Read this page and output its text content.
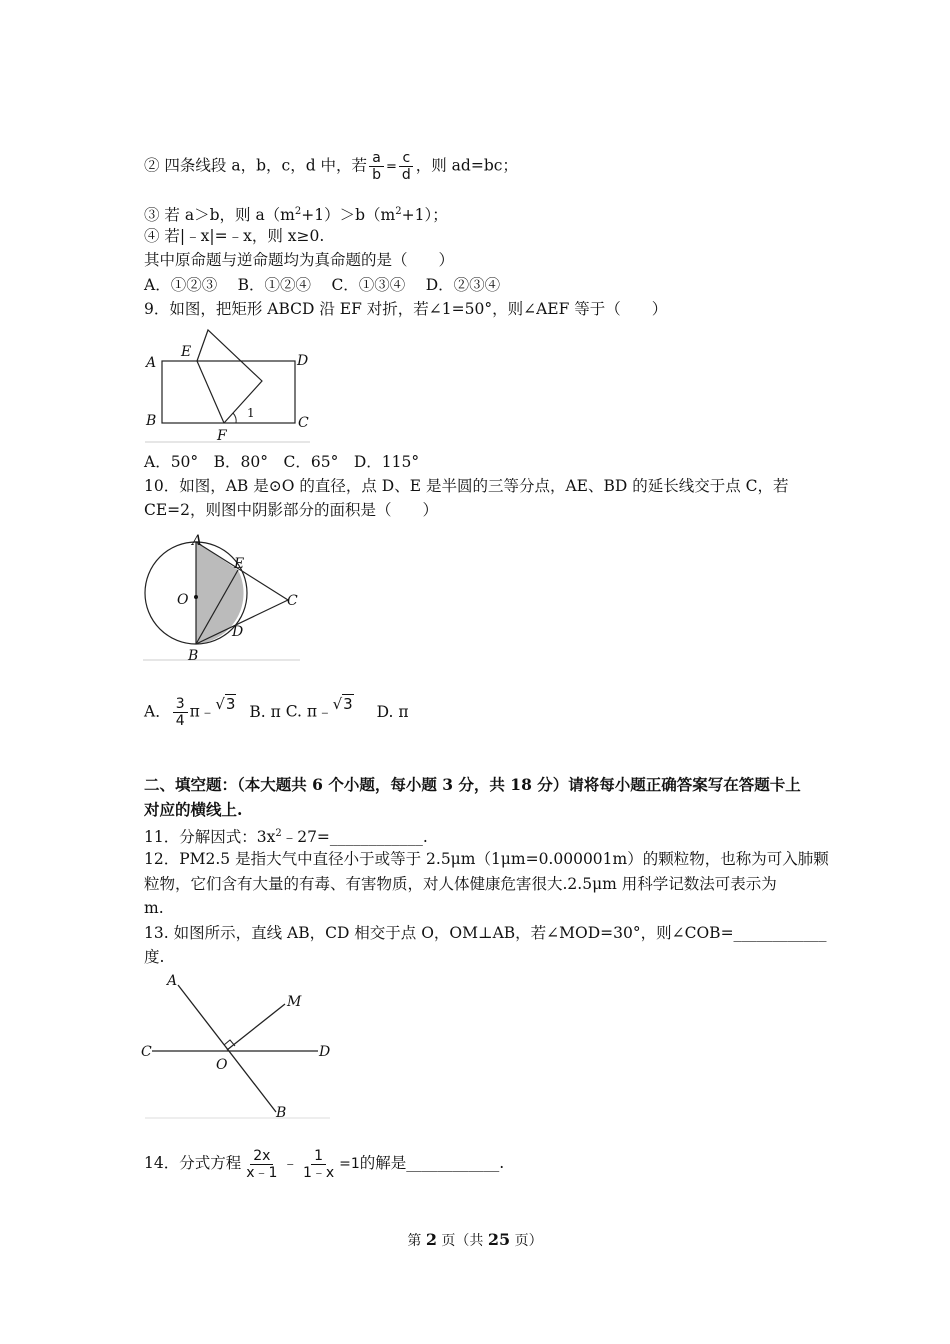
② 四条线段 a，b，c，d 中，若 $\frac{a}{b} = \frac{c}{d}$ ，则 ad=bc；
③ 若 a＞b，则 $a(m^2+1)>b(m^2+1)$；
④ 若|﹣x|=﹣x，则 x≥0.
其中原命题与逆命题均为真命题的是（　　）
A．①②③　 B．①②④　 C．①③④　 D．②③④
9．如图，把矩形 ABCD 沿 EF 对折，若∠1=50°，则∠AEF 等于（　　）
A
B	C
D
E
F
1
A．50°　B．80°　C．65°　D．115°
10．如图，AB 是⊙O 的直径，点 D、E 是半圆的三等分点，AE、BD 的延长线交于点 C，若
CE=2，则图中阴影部分的面积是（　　）
A
B
C
D
E
O
A． $\frac{3}{4}$ π﹣√3 B. π C. π﹣√3 D. π
二、填空题：（本大题共 6 个小题，每小题 3 分，共 18 分）请将每小题正确答案写在答题卡上
对应的横线上.
11．分解因式：$3x^2﹣27=\_\_\_\_\_\_\_\_\_\_\_\_$.
12．PM2.5 是指大气中直径小于或等于 2.5μm（1μm=0.000001m）的颗粒物，也称为可入肺颗
粒物，它们含有大量的有毒、有害物质，对人体健康危害很大.2.5μm 用科学记数法可表示为
m.
13. 如图所示，直线 AB，CD 相交于点 O，OM⊥AB，若∠MOD=30°，则∠COB=____________
度.
A
B
C	D
M
O
14．分式方程 $\frac{2x}{x﹣1}$ ﹣ $\frac{1}{1﹣x} =1$的解是____________.
第 2 页（共 25 页）
